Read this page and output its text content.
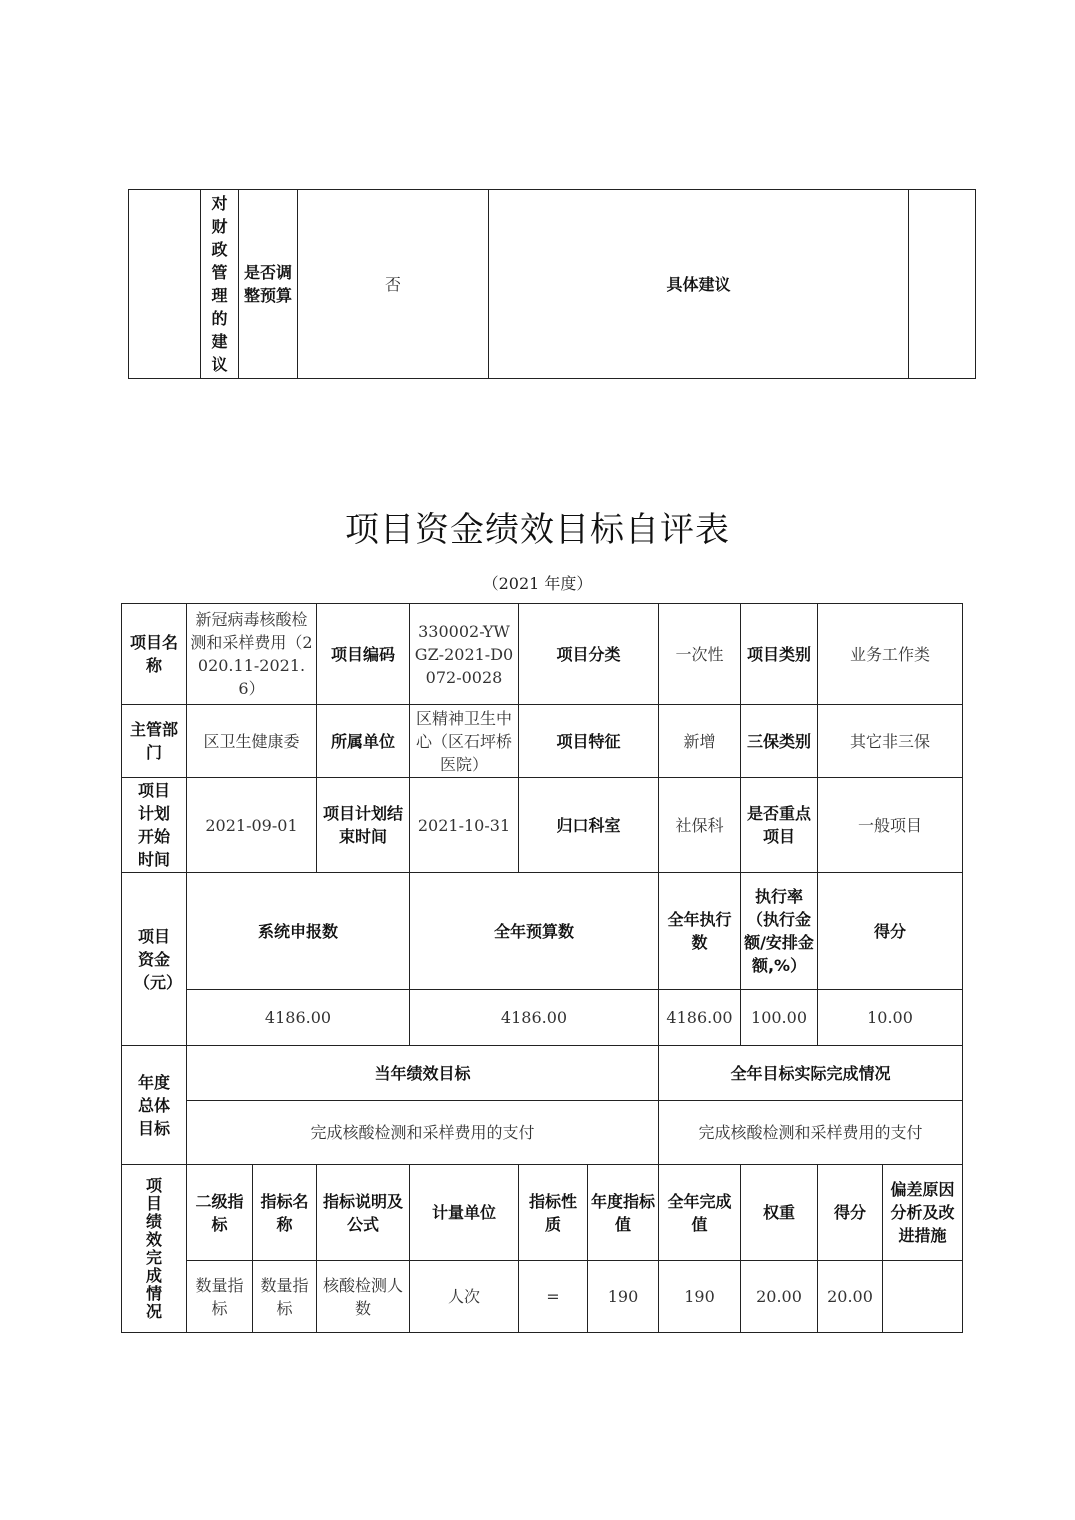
对财政管理的建议
	是否调整预算	否	具体建议	
项目资金绩效目标自评表
（2021 年度）
项目名称	新冠病毒核酸检测和采样费用（2020.11-2021.6）		项目编码	330002-YWGZ-2021-D0072-0028	项目分类		一次性	项目类别	业务工作类	
主管部门	区卫生健康委		所属单位	区精神卫生中心（区石坪桥医院）	项目特征		新增	三保类别	其它非三保	

项目计划开始时间	2021-09-01		项目计划结束时间	2021-10-31	归口科室		社保科	是否重点项目	一般项目	

项目资金（元）	系统申报数			全年预算数			全年执行数	执行率（执行金额/安排金额,%）	得分	
	4186.00			4186.00			4186.00	100.00	10.00	

年度总体目标	当年绩效目标						全年目标实际完成情况			
	完成核酸检测和采样费用的支付						完成核酸检测和采样费用的支付			

项目绩效完成情况	二级指标	指标名称	指标说明及公式	计量单位	指标性质	年度指标值	全年完成值	权重	得分	偏差原因分析及改进措施
	数量指标	数量指标	核酸检测人数	人次	=	190	190	20.00	20.00	
